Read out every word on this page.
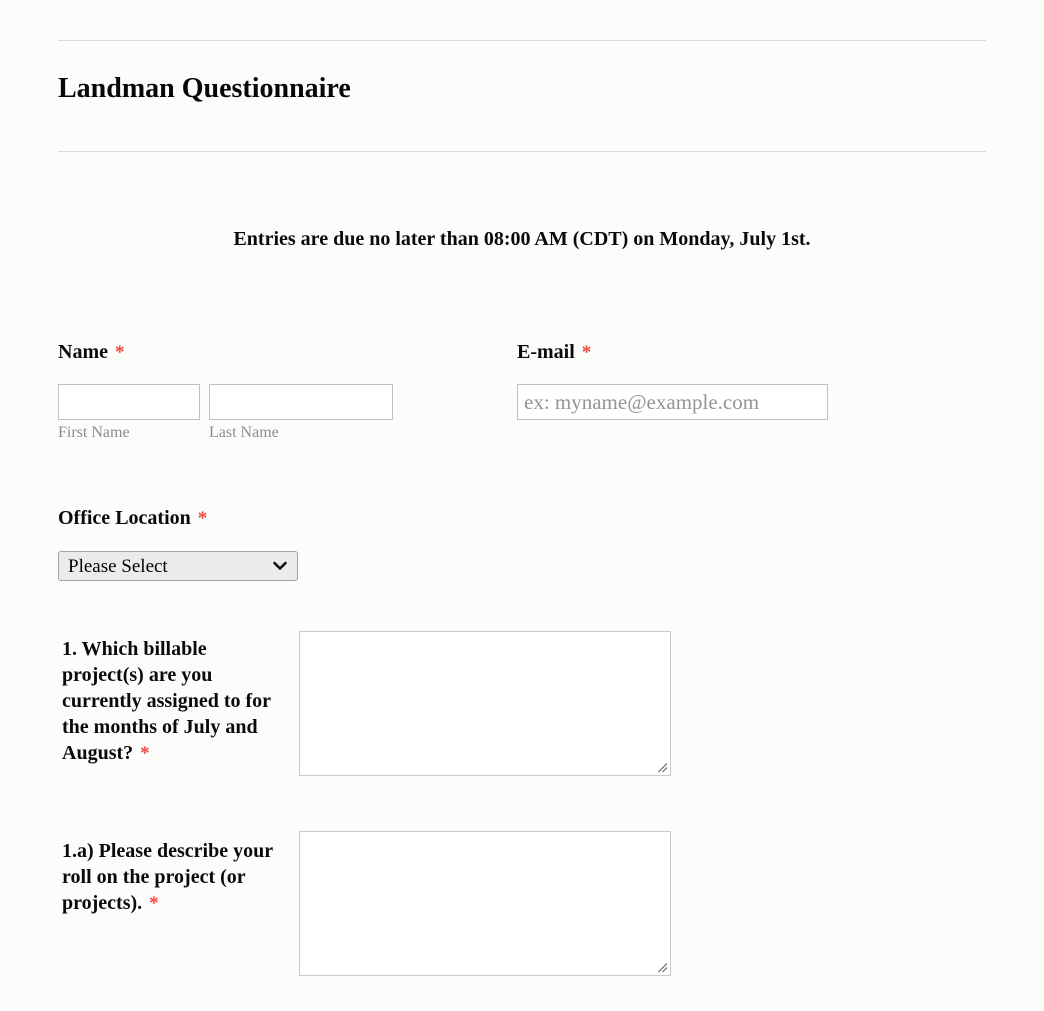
Landman Questionnaire
Entries are due no later than 08:00 AM (CDT) on Monday, July 1st.
Name *
First Name	Last Name
E-mail *
ex: myname@example.com
Office Location *
Please Select
1. Which billable project(s) are you currently assigned to for the months of July and August? *
1.a) Please describe your roll on the project (or projects). *
